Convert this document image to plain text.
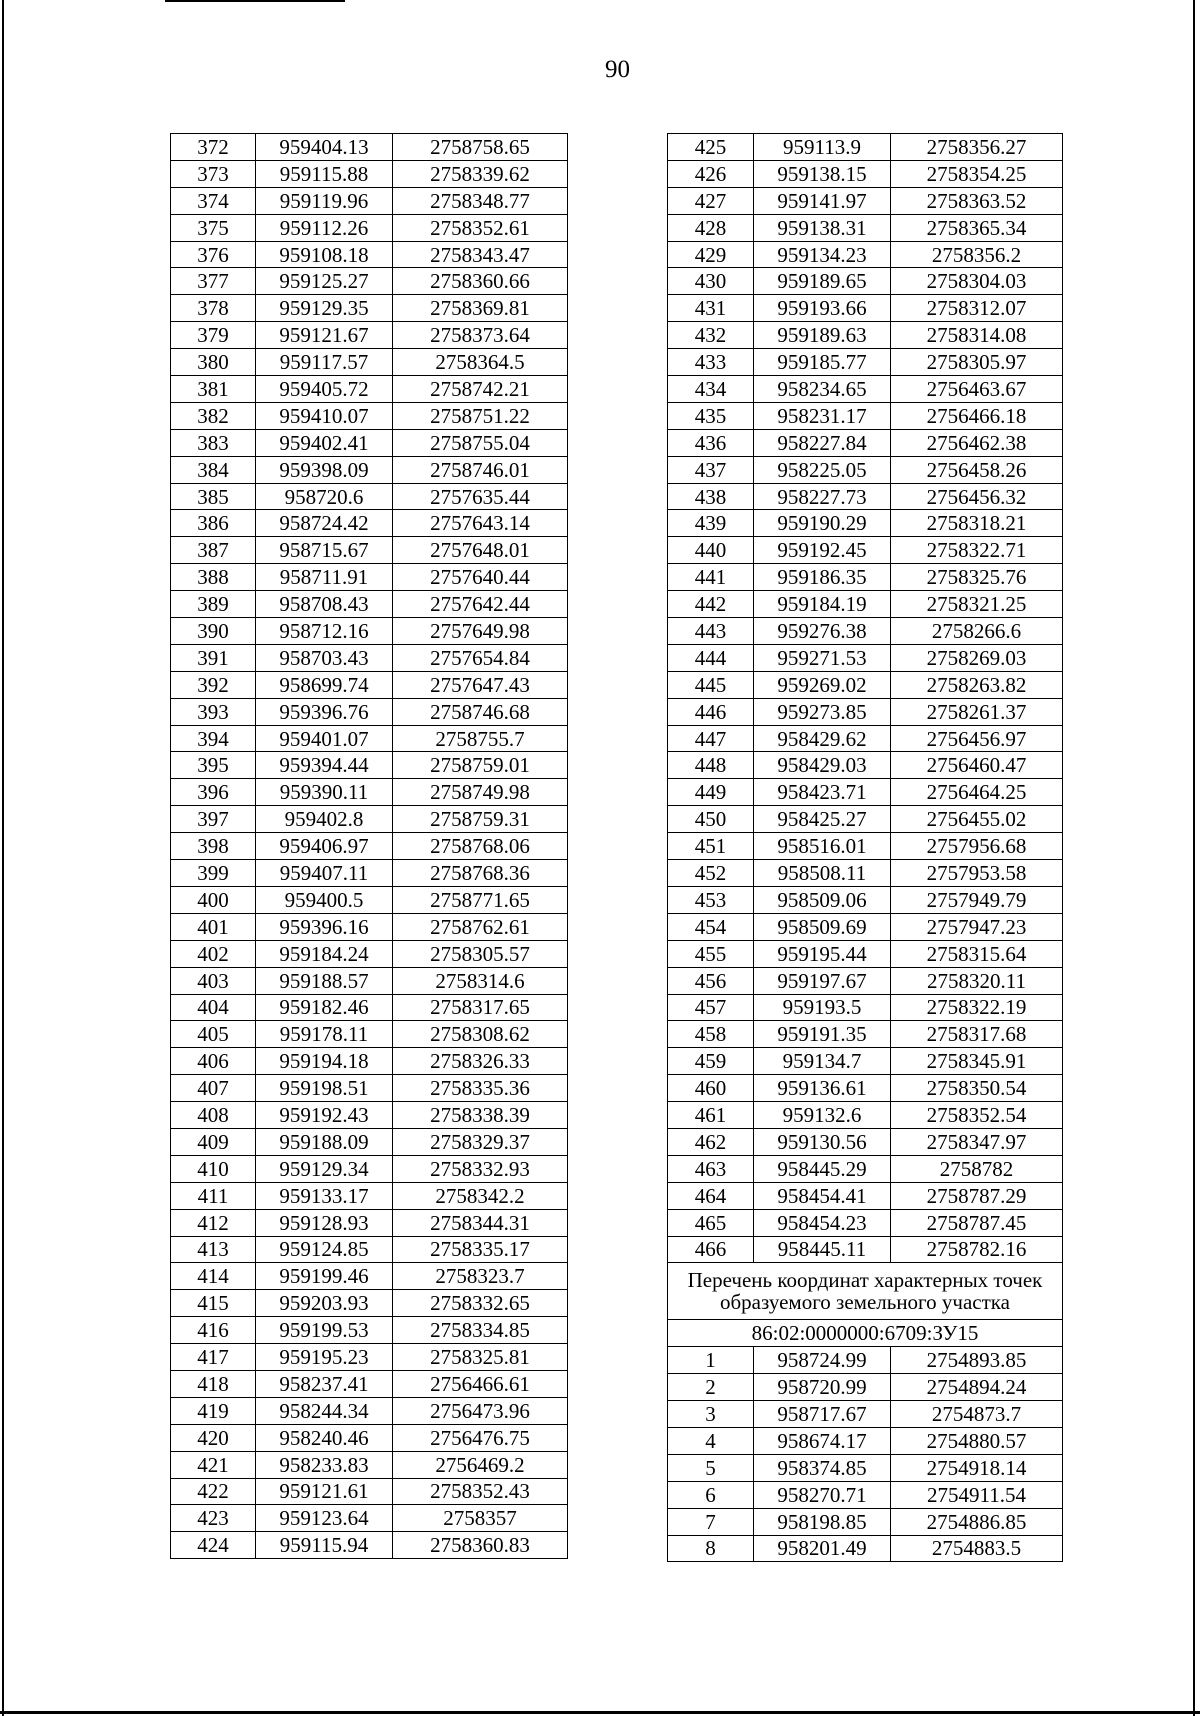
90
372	959404.13	2758758.65
373	959115.88	2758339.62
374	959119.96	2758348.77
375	959112.26	2758352.61
376	959108.18	2758343.47
377	959125.27	2758360.66
378	959129.35	2758369.81
379	959121.67	2758373.64
380	959117.57	2758364.5
381	959405.72	2758742.21
382	959410.07	2758751.22
383	959402.41	2758755.04
384	959398.09	2758746.01
385	958720.6	2757635.44
386	958724.42	2757643.14
387	958715.67	2757648.01
388	958711.91	2757640.44
389	958708.43	2757642.44
390	958712.16	2757649.98
391	958703.43	2757654.84
392	958699.74	2757647.43
393	959396.76	2758746.68
394	959401.07	2758755.7
395	959394.44	2758759.01
396	959390.11	2758749.98
397	959402.8	2758759.31
398	959406.97	2758768.06
399	959407.11	2758768.36
400	959400.5	2758771.65
401	959396.16	2758762.61
402	959184.24	2758305.57
403	959188.57	2758314.6
404	959182.46	2758317.65
405	959178.11	2758308.62
406	959194.18	2758326.33
407	959198.51	2758335.36
408	959192.43	2758338.39
409	959188.09	2758329.37
410	959129.34	2758332.93
411	959133.17	2758342.2
412	959128.93	2758344.31
413	959124.85	2758335.17
414	959199.46	2758323.7
415	959203.93	2758332.65
416	959199.53	2758334.85
417	959195.23	2758325.81
418	958237.41	2756466.61
419	958244.34	2756473.96
420	958240.46	2756476.75
421	958233.83	2756469.2
422	959121.61	2758352.43
423	959123.64	2758357
424	959115.94	2758360.83
425	959113.9	2758356.27
426	959138.15	2758354.25
427	959141.97	2758363.52
428	959138.31	2758365.34
429	959134.23	2758356.2
430	959189.65	2758304.03
431	959193.66	2758312.07
432	959189.63	2758314.08
433	959185.77	2758305.97
434	958234.65	2756463.67
435	958231.17	2756466.18
436	958227.84	2756462.38
437	958225.05	2756458.26
438	958227.73	2756456.32
439	959190.29	2758318.21
440	959192.45	2758322.71
441	959186.35	2758325.76
442	959184.19	2758321.25
443	959276.38	2758266.6
444	959271.53	2758269.03
445	959269.02	2758263.82
446	959273.85	2758261.37
447	958429.62	2756456.97
448	958429.03	2756460.47
449	958423.71	2756464.25
450	958425.27	2756455.02
451	958516.01	2757956.68
452	958508.11	2757953.58
453	958509.06	2757949.79
454	958509.69	2757947.23
455	959195.44	2758315.64
456	959197.67	2758320.11
457	959193.5	2758322.19
458	959191.35	2758317.68
459	959134.7	2758345.91
460	959136.61	2758350.54
461	959132.6	2758352.54
462	959130.56	2758347.97
463	958445.29	2758782
464	958454.41	2758787.29
465	958454.23	2758787.45
466	958445.11	2758782.16
Перечень координат характерных точек образуемого земельного участка		
86:02:0000000:6709:ЗУ15		
1	958724.99	2754893.85
2	958720.99	2754894.24
3	958717.67	2754873.7
4	958674.17	2754880.57
5	958374.85	2754918.14
6	958270.71	2754911.54
7	958198.85	2754886.85
8	958201.49	2754883.5
